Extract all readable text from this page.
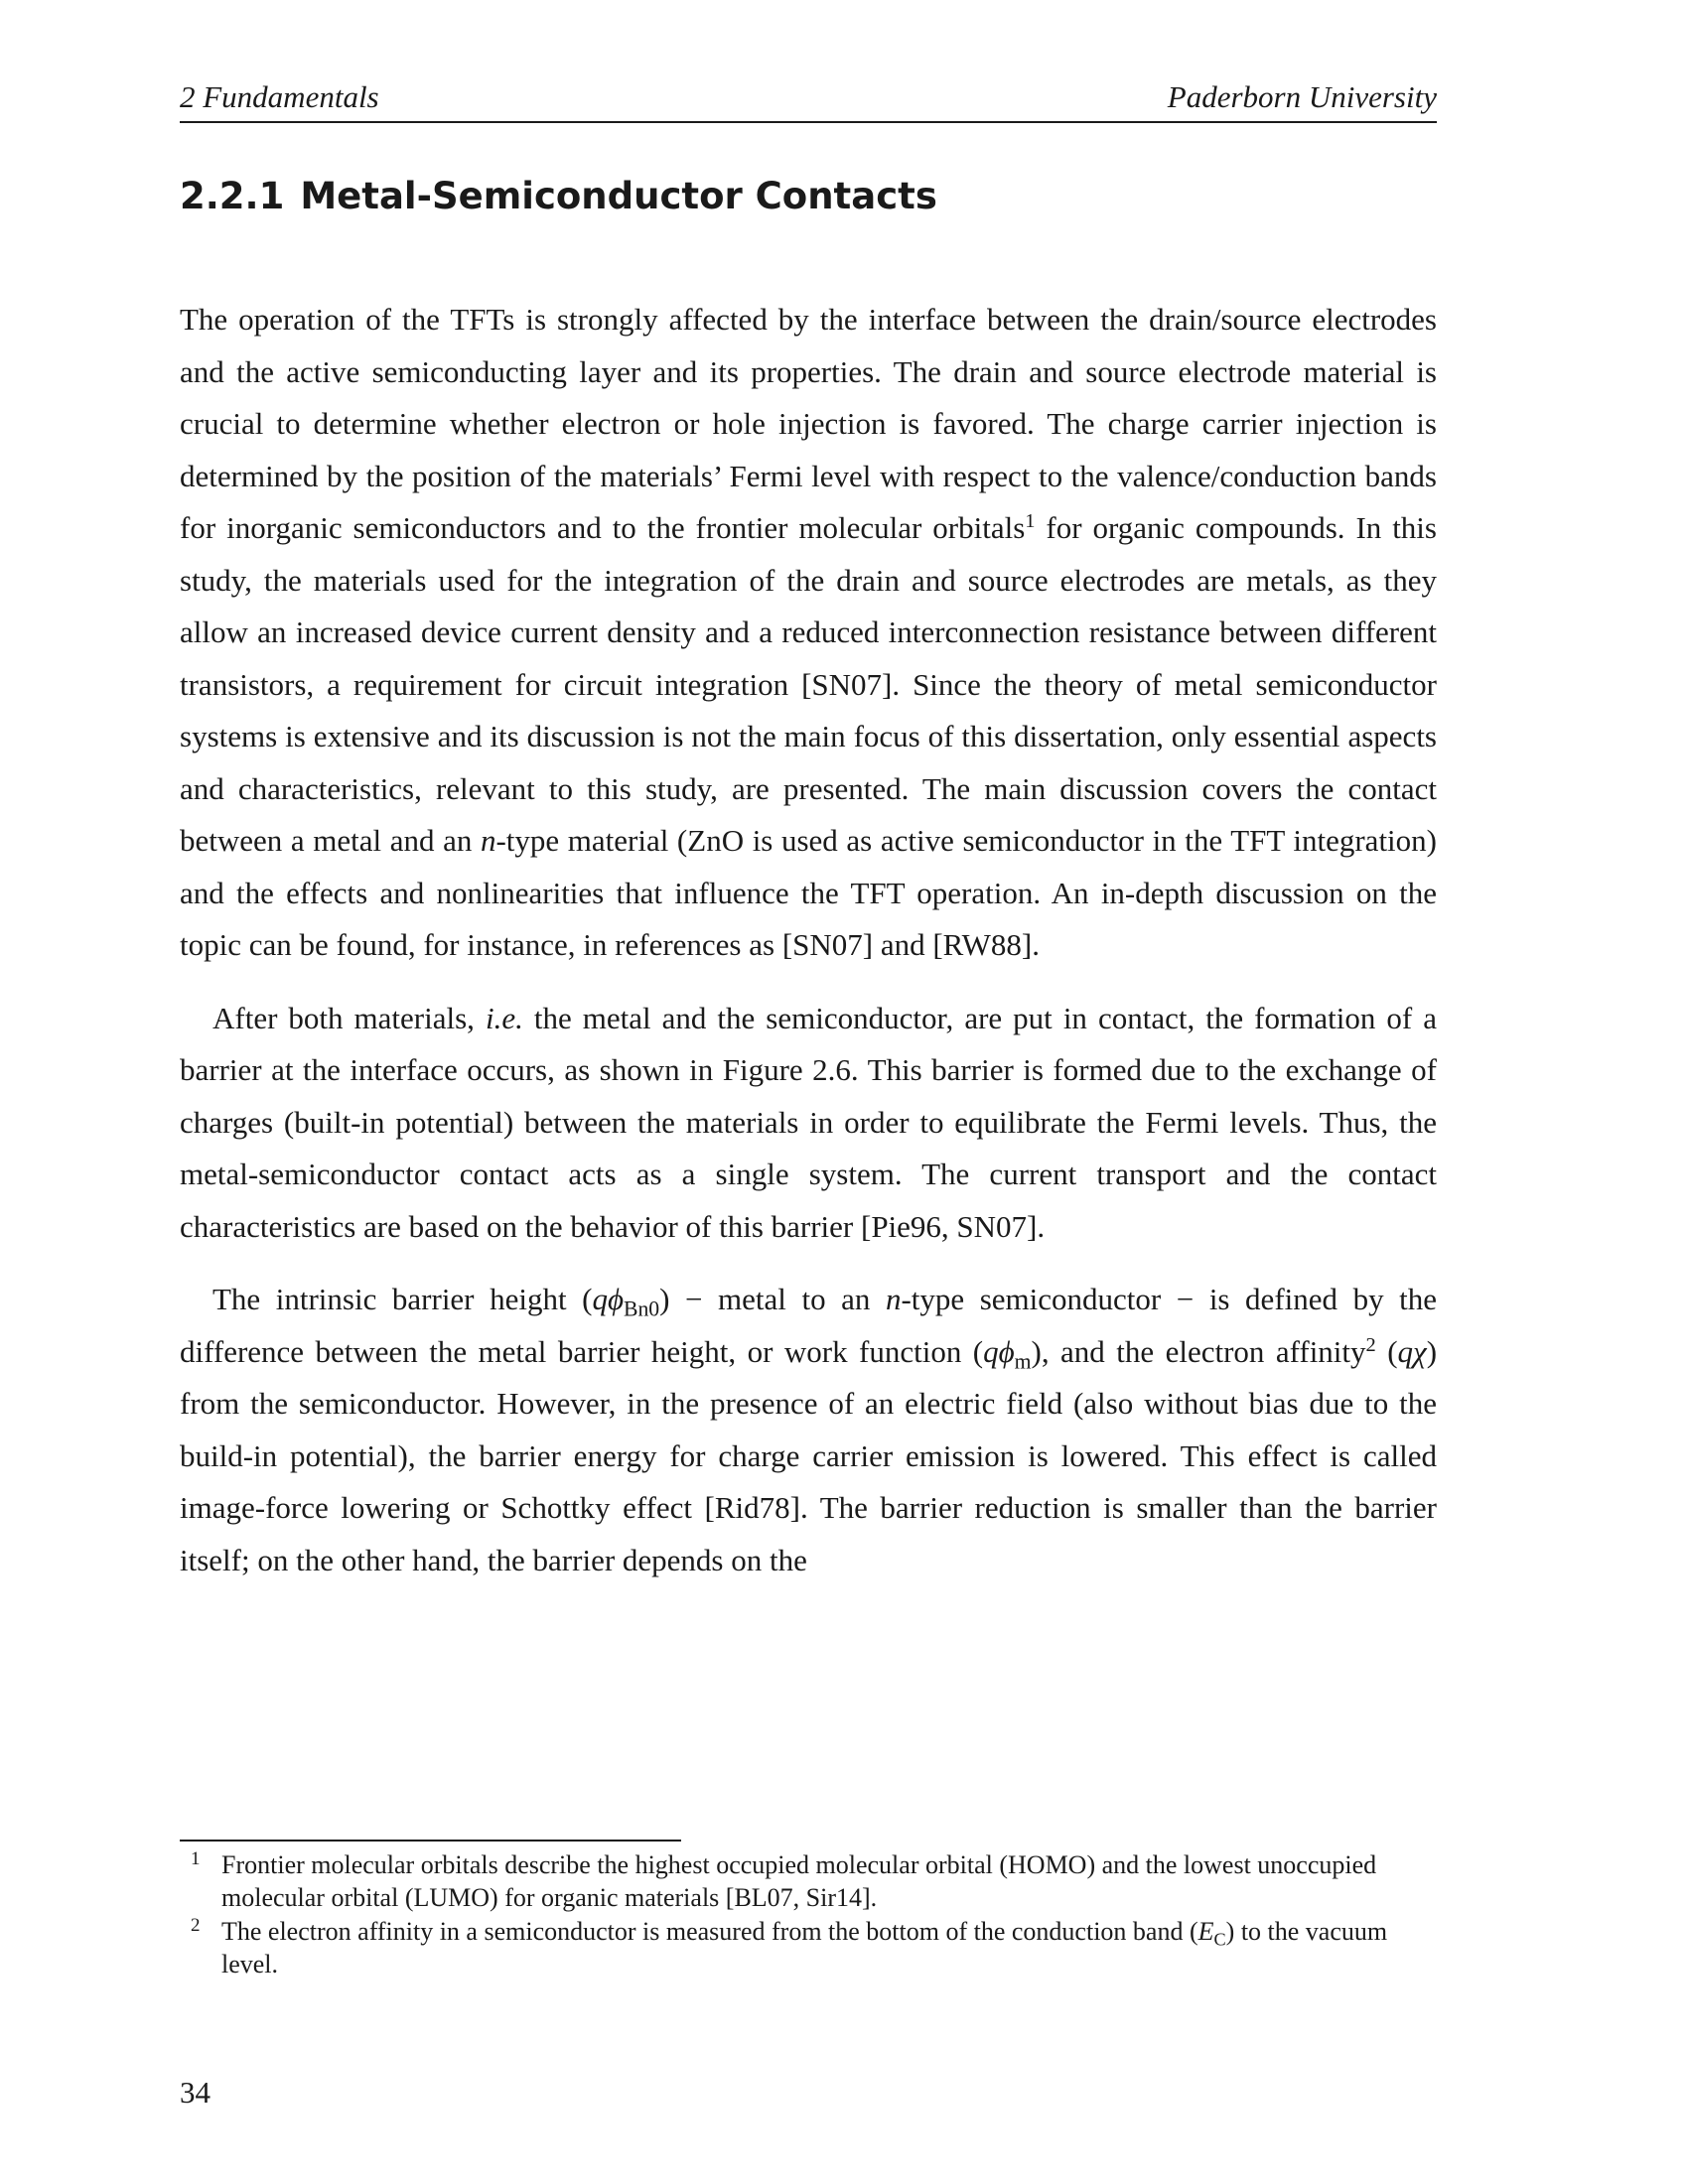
2 Fundamentals	Paderborn University
2.2.1 Metal-Semiconductor Contacts

The operation of the TFTs is strongly affected by the interface between the drain/source electrodes and the active semiconducting layer and its properties. The drain and source electrode material is crucial to determine whether electron or hole injection is favored. The charge carrier injection is determined by the position of the materials’ Fermi level with respect to the valence/conduction bands for inorganic semiconductors and to the frontier molecular orbitals$^1$ for organic compounds. In this study, the materials used for the integration of the drain and source electrodes are metals, as they allow an increased device current density and a reduced interconnection resistance between different transistors, a requirement for circuit integration [SN07]. Since the theory of metal semiconductor systems is extensive and its discussion is not the main focus of this dissertation, only essential aspects and characteristics, relevant to this study, are presented. The main discussion covers the contact between a metal and an n-type material (ZnO is used as active semiconductor in the TFT integration) and the effects and nonlinearities that influence the TFT operation. An in-depth discussion on the topic can be found, for instance, in references as [SN07] and [RW88].

After both materials, i.e. the metal and the semiconductor, are put in contact, the formation of a barrier at the interface occurs, as shown in Figure 2.6. This barrier is formed due to the exchange of charges (built-in potential) between the materials in order to equilibrate the Fermi levels. Thus, the metal-semiconductor contact acts as a single system. The current transport and the contact characteristics are based on the behavior of this barrier [Pie96, SN07].

The intrinsic barrier height $(q\phi_{Bn0})$ − metal to an n-type semiconductor − is defined by the difference between the metal barrier height, or work function $(q\phi_m)$, and the electron affinity$^2$ (qχ) from the semiconductor. However, in the presence of an electric field (also without bias due to the build-in potential), the barrier energy for charge carrier emission is lowered. This effect is called image-force lowering or Schottky effect [Rid78]. The barrier reduction is smaller than the barrier itself; on the other hand, the barrier depends on the

1 Frontier molecular orbitals describe the highest occupied molecular orbital (HOMO) and the lowest unoccupied molecular orbital (LUMO) for organic materials [BL07, Sir14].
2 The electron affinity in a semiconductor is measured from the bottom of the conduction band $(E_C)$ to the vacuum level.
34
